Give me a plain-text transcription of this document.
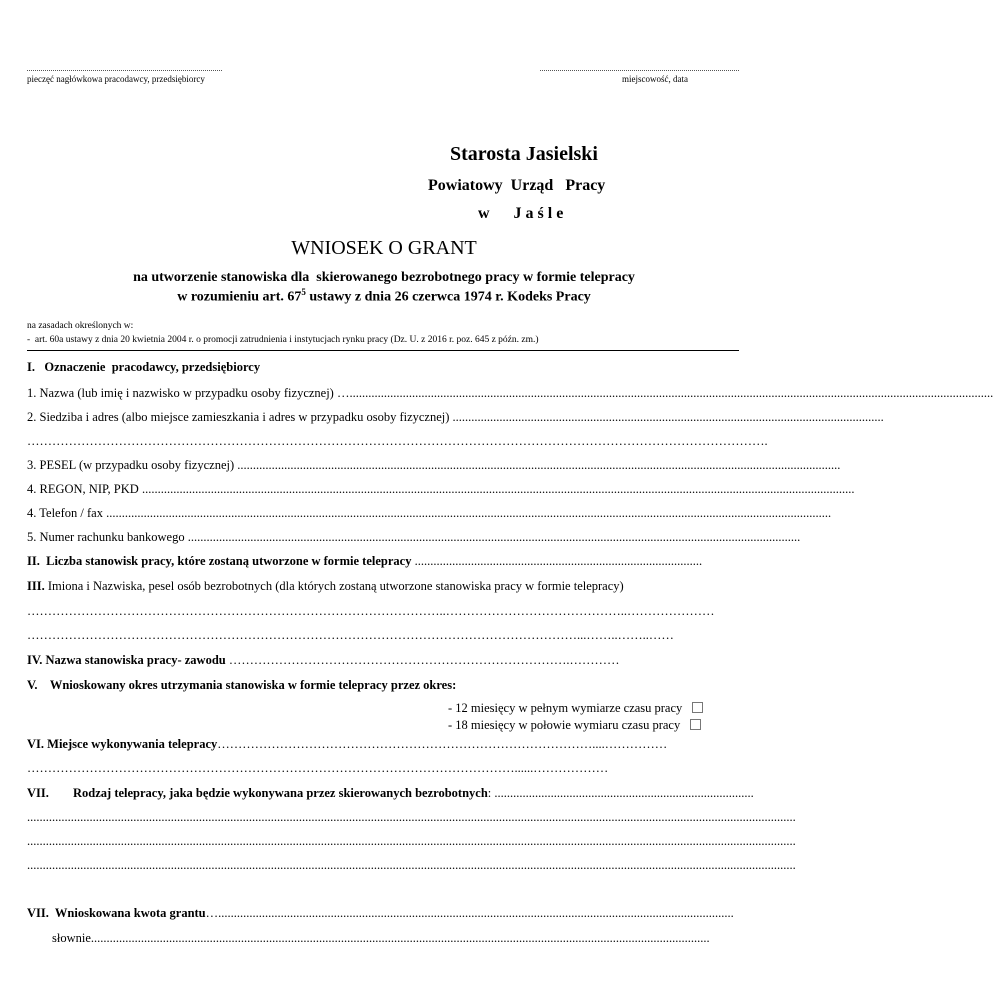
pieczęć nagłówkowa pracodawcy, przedsiębiorcy	miejscowość, data
Starosta Jasielski
Powiatowy  Urząd   Pracy
w      J a ś l e
WNIOSEK O GRANT
na utworzenie stanowiska dla  skierowanego bezrobotnego pracy w formie telepracy
w rozumieniu art. $67^5$ ustawy z dnia 26 czerwca 1974 r. Kodeks Pracy
na zasadach określonych w:
-  art. 60a ustawy z dnia 20 kwietnia 2004 r. o promocji zatrudnienia i instytucjach rynku pracy (Dz. U. z 2016 r. poz. 645 z późn. zm.)
I.   Oznaczenie  pracodawcy, przedsiębiorcy
1. Nazwa (lub imię i nazwisko w przypadku osoby fizycznej) …..............................................................................................................................................................................................................
2. Siedziba i adres (albo miejsce zamieszkania i adres w przypadku osoby fizycznej) ..........................................................................................................................................
…………………………………………………………………………………………………………………………………………………………….
3. PESEL (w przypadku osoby fizycznej) .................................................................................................................................................................................................
4. REGON, NIP, PKD ....................................................................................................................................................................................................................................
4. Telefon / fax ........................................................................................................................................................................................................................................
5. Numer rachunku bankowego ....................................................................................................................................................................................................
II.  Liczba stanowisk pracy, które zostaną utworzone w formie telepracy ............................................................................................
III. Imiona i Nazwiska, pesel osób bezrobotnych (dla których zostaną utworzone stanowiska pracy w formie telepracy)
………………………………………………………………………………………..……………………………………..…………………
……………………………………………………………………………………………………………………...……..……..……
IV. Nazwa stanowiska pracy- zawodu ……………………………………………………………………….…………
V.    Wnioskowany okres utrzymania stanowiska w formie telepracy przez okres:
- 12 miesięcy w pełnym wymiarze czasu pracy
- 18 miesięcy w połowie wymiaru czasu pracy
VI. Miejsce wykonywania telepracy………………………………………………………………………………....……………
………………………………………………………………………………………………………......………………
VII. Rodzaj telepracy, jaka będzie wykonywana przez skierowanych bezrobotnych: ...................................................................................
......................................................................................................................................................................................................................................................
......................................................................................................................................................................................................................................................
......................................................................................................................................................................................................................................................
VII.  Wnioskowana kwota grantu….....................................................................................................................................................................
słownie......................................................................................................................................................................................................
